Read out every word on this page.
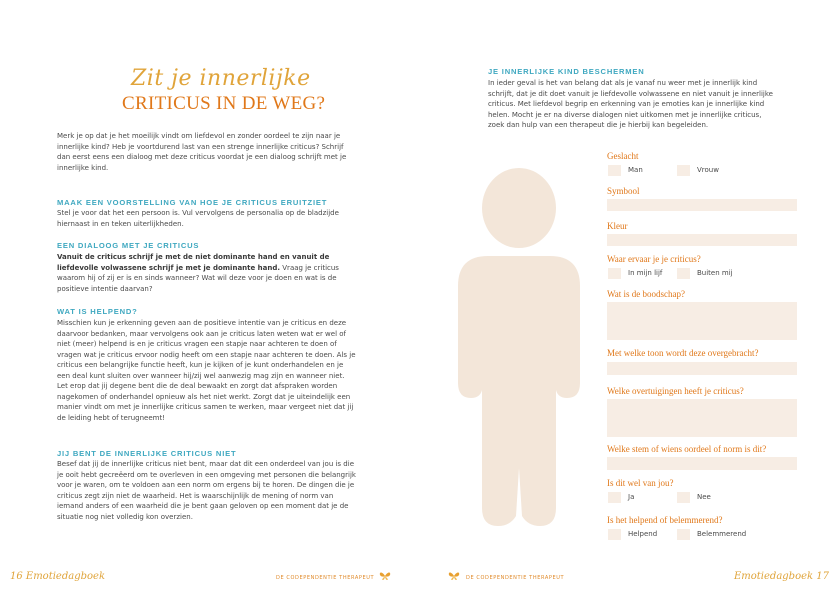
Zit je innerlijke
CRITICUS IN DE WEG?
Merk je op dat je het moeilijk vindt om liefdevol en zonder oordeel te zijn naar je innerlijke kind? Heb je voortdurend last van een strenge innerlijke criticus? Schrijf dan eerst eens een dialoog met deze criticus voordat je een dialoog schrijft met je innerlijke kind.
MAAK EEN VOORSTELLING VAN HOE JE CRITICUS ERUITZIET
Stel je voor dat het een persoon is. Vul vervolgens de personalia op de bladzijde hiernaast in en teken uiterlijkheden.
EEN DIALOOG MET JE CRITICUS
Vanuit de criticus schrijf je met de niet dominante hand en vanuit de liefdevolle volwassene schrijf je met je dominante hand. Vraag je criticus waarom hij of zij er is en sinds wanneer? Wat wil deze voor je doen en wat is de positieve intentie daarvan?
WAT IS HELPEND?
Misschien kun je erkenning geven aan de positieve intentie van je criticus en deze daarvoor bedanken, maar vervolgens ook aan je criticus laten weten wat er wel of niet (meer) helpend is en je criticus vragen een stapje naar achteren te doen of vragen wat je criticus ervoor nodig heeft om een stapje naar achteren te doen. Als je criticus een belangrijke functie heeft, kun je kijken of je kunt onderhandelen en je een deal kunt sluiten over wanneer hij/zij wel aanwezig mag zijn en wanneer niet. Let erop dat jij degene bent die de deal bewaakt en zorgt dat afspraken worden nagekomen of onderhandel opnieuw als het niet werkt. Zorgt dat je uiteindelijk een manier vindt om met je innerlijke criticus samen te werken, maar vergeet niet dat jij de leiding hebt of terugneemt!
JIJ BENT DE INNERLIJKE CRITICUS NIET
Besef dat jij de innerlijke criticus niet bent, maar dat dit een onderdeel van jou is die je ooit hebt gecreëerd om te overleven in een omgeving met personen die belangrijk voor je waren, om te voldoen aan een norm om ergens bij te horen. De dingen die je criticus zegt zijn niet de waarheid. Het is waarschijnlijk de mening of norm van iemand anders of een waarheid die je bent gaan geloven op een moment dat je de situatie nog niet volledig kon overzien.
16 Emotiedagboek	DE CODEPENDENTIE THERAPEUT
JE INNERLIJKE KIND BESCHERMEN
In ieder geval is het van belang dat als je vanaf nu weer met je innerlijk kind schrijft, dat je dit doet vanuit je liefdevolle volwassene en niet vanuit je innerlijke criticus. Met liefdevol begrip en erkenning van je emoties kan je innerlijke kind helen. Mocht je er na diverse dialogen niet uitkomen met je innerlijke criticus, zoek dan hulp van een therapeut die je hierbij kan begeleiden.
Geslacht
Man	Vrouw
Symbool
Kleur
Waar ervaar je je criticus?
In mijn lijf	Buiten mij
Wat is de boodschap?
Met welke toon wordt deze overgebracht?
Welke overtuigingen heeft je criticus?
Welke stem of wiens oordeel of norm is dit?
Is dit wel van jou?
Ja	Nee
Is het helpend of belemmerend?
Helpend	Belemmerend
DE CODEPENDENTIE THERAPEUT	Emotiedagboek 17
